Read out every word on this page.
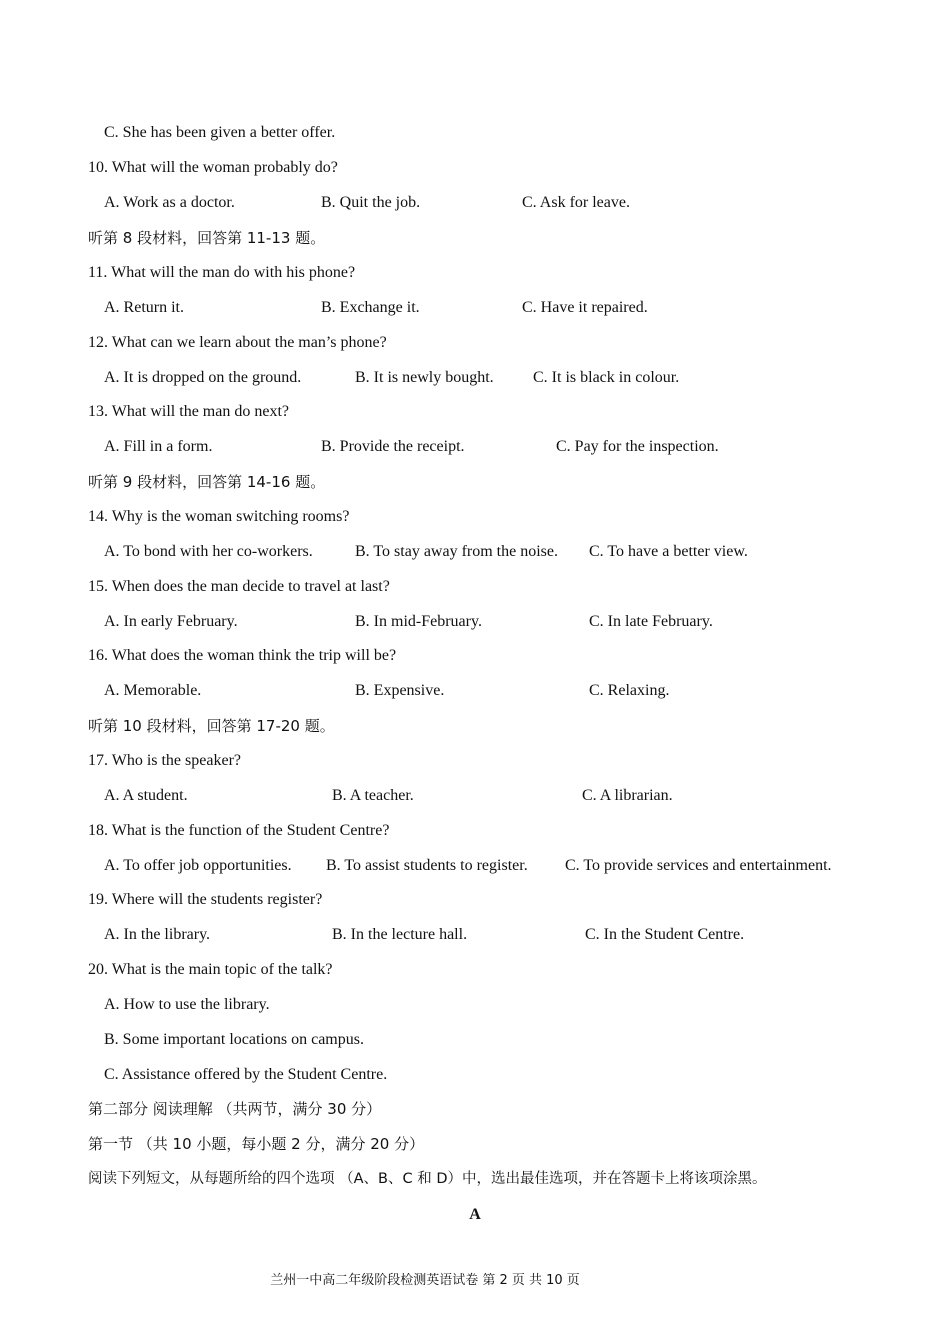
C. She has been given a better offer.
10. What will the woman probably do?
A. Work as a doctor.	B. Quit the job.	C. Ask for leave.
听第 8 段材料，回答第 11-13 题。
11. What will the man do with his phone?
A. Return it.	B. Exchange it.	C. Have it repaired.
12. What can we learn about the man’s phone?
A. It is dropped on the ground.	B. It is newly bought. C. It is black in colour.
13. What will the man do next?
A. Fill in a form.	B. Provide the receipt.	C. Pay for the inspection.
听第 9 段材料，回答第 14-16 题。
14. Why is the woman switching rooms?
A. To bond with her co-workers.	B. To stay away from the noise. C. To have a better view.
15. When does the man decide to travel at last?
A. In early February.	B. In mid-February.	C. In late February.
16. What does the woman think the trip will be?
A. Memorable.	B. Expensive.	C. Relaxing.
听第 10 段材料，回答第 17-20 题。
17. Who is the speaker?
A. A student.	B. A teacher.	C. A librarian.
18. What is the function of the Student Centre?
A. To offer job opportunities. B. To assist students to register. C. To provide services and entertainment.
19. Where will the students register?
A. In the library.	B. In the lecture hall.	C. In the Student Centre.
20. What is the main topic of the talk?
A. How to use the library.
B. Some important locations on campus.
C. Assistance offered by the Student Centre.
第二部分 阅读理解 （共两节，满分 30 分）
第一节 （共 10 小题，每小题 2 分，满分 20 分）
阅读下列短文，从每题所给的四个选项 （A、B、C 和 D）中，选出最佳选项，并在答题卡上将该项涂黑。
A
兰州一中高二年级阶段检测英语试卷 第 2 页 共 10 页
